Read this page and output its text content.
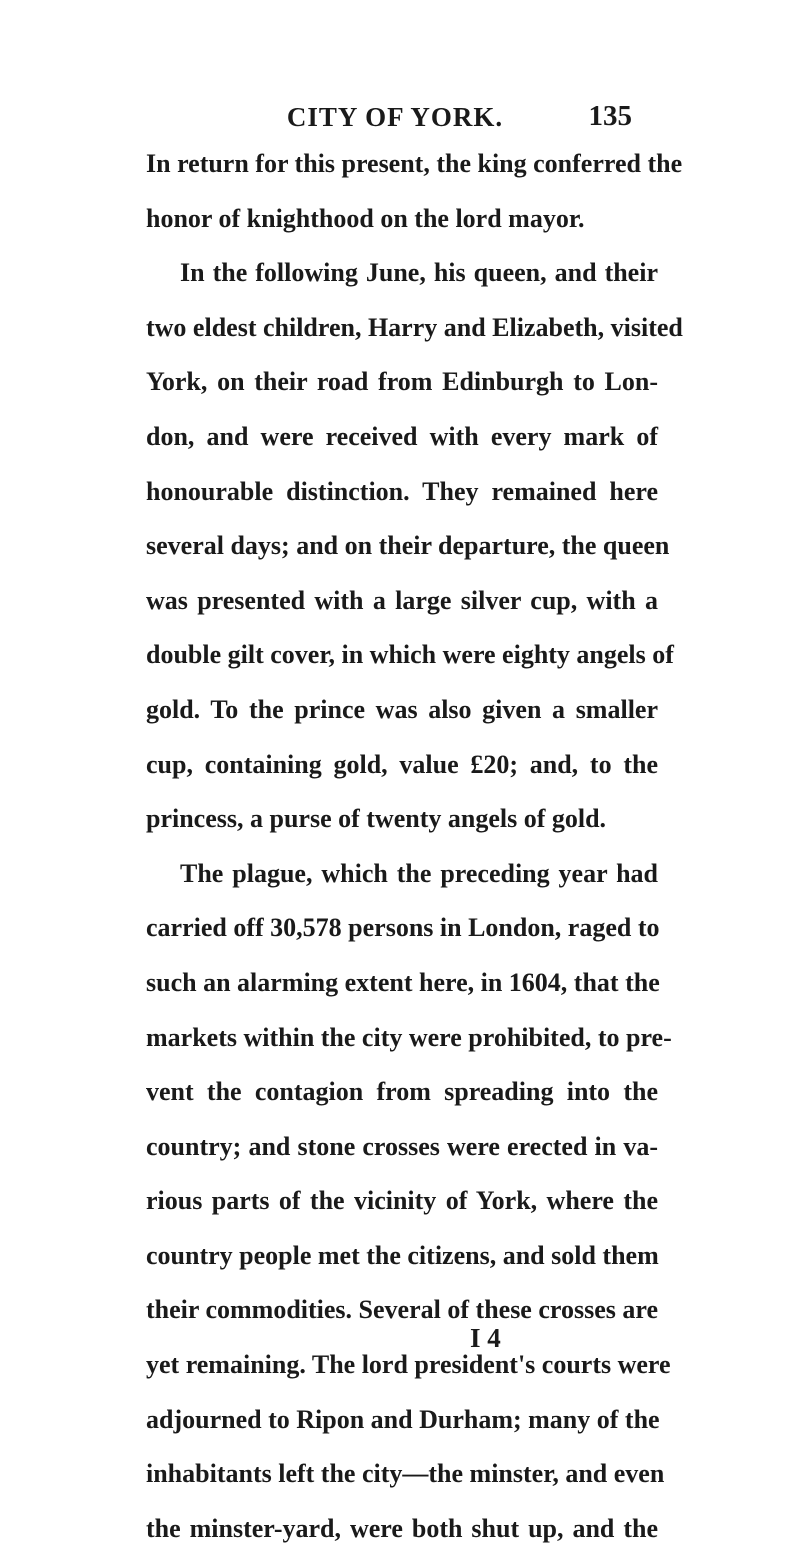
CITY OF YORK.	135
In return for this present, the king conferred the
honor of knighthood on the lord mayor.
In the following June, his queen, and their
two eldest children, Harry and Elizabeth, visited
York, on their road from Edinburgh to Lon-
don, and were received with every mark of
honourable distinction. They remained here
several days; and on their departure, the queen
was presented with a large silver cup, with a
double gilt cover, in which were eighty angels of
gold. To the prince was also given a smaller
cup, containing gold, value £20; and, to the
princess, a purse of twenty angels of gold.
The plague, which the preceding year had
carried off 30,578 persons in London, raged to
such an alarming extent here, in 1604, that the
markets within the city were prohibited, to pre-
vent the contagion from spreading into the
country; and stone crosses were erected in va-
rious parts of the vicinity of York, where the
country people met the citizens, and sold them
their commodities. Several of these crosses are
yet remaining. The lord president's courts were
adjourned to Ripon and Durham; many of the
inhabitants left the city—the minster, and even
the minster-yard, were both shut up, and the
I 4
